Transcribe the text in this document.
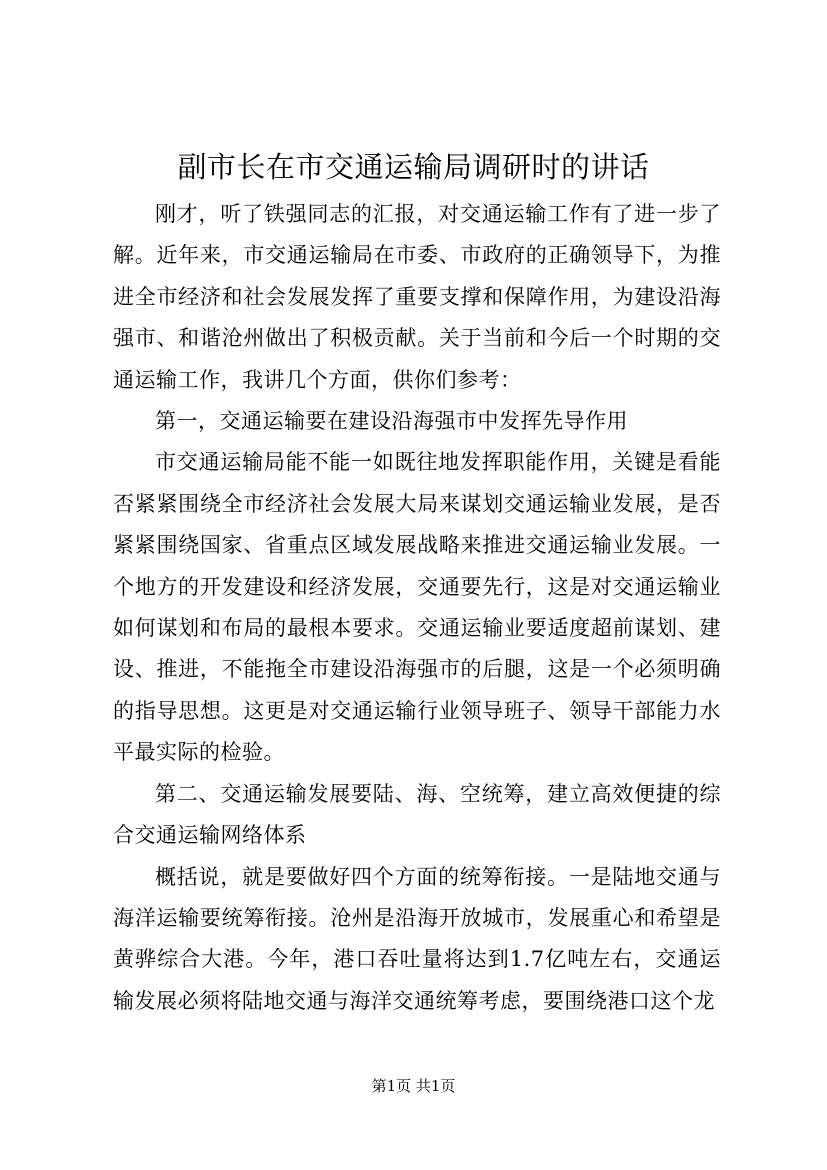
副市长在市交通运输局调研时的讲话

刚才，听了铁强同志的汇报，对交通运输工作有了进一步了解。近年来，市交通运输局在市委、市政府的正确领导下，为推进全市经济和社会发展发挥了重要支撑和保障作用，为建设沿海强市、和谐沧州做出了积极贡献。关于当前和今后一个时期的交通运输工作，我讲几个方面，供你们参考：

第一，交通运输要在建设沿海强市中发挥先导作用

市交通运输局能不能一如既往地发挥职能作用，关键是看能否紧紧围绕全市经济社会发展大局来谋划交通运输业发展，是否紧紧围绕国家、省重点区域发展战略来推进交通运输业发展。一个地方的开发建设和经济发展，交通要先行，这是对交通运输业如何谋划和布局的最根本要求。交通运输业要适度超前谋划、建设、推进，不能拖全市建设沿海强市的后腿，这是一个必须明确的指导思想。这更是对交通运输行业领导班子、领导干部能力水平最实际的检验。

第二、交通运输发展要陆、海、空统筹，建立高效便捷的综合交通运输网络体系

概括说，就是要做好四个方面的统筹衔接。一是陆地交通与海洋运输要统筹衔接。沧州是沿海开放城市，发展重心和希望是黄骅综合大港。今年，港口吞吐量将达到1.7亿吨左右，交通运输发展必须将陆地交通与海洋交通统筹考虑，要围绕港口这个龙

第1页 共1页
